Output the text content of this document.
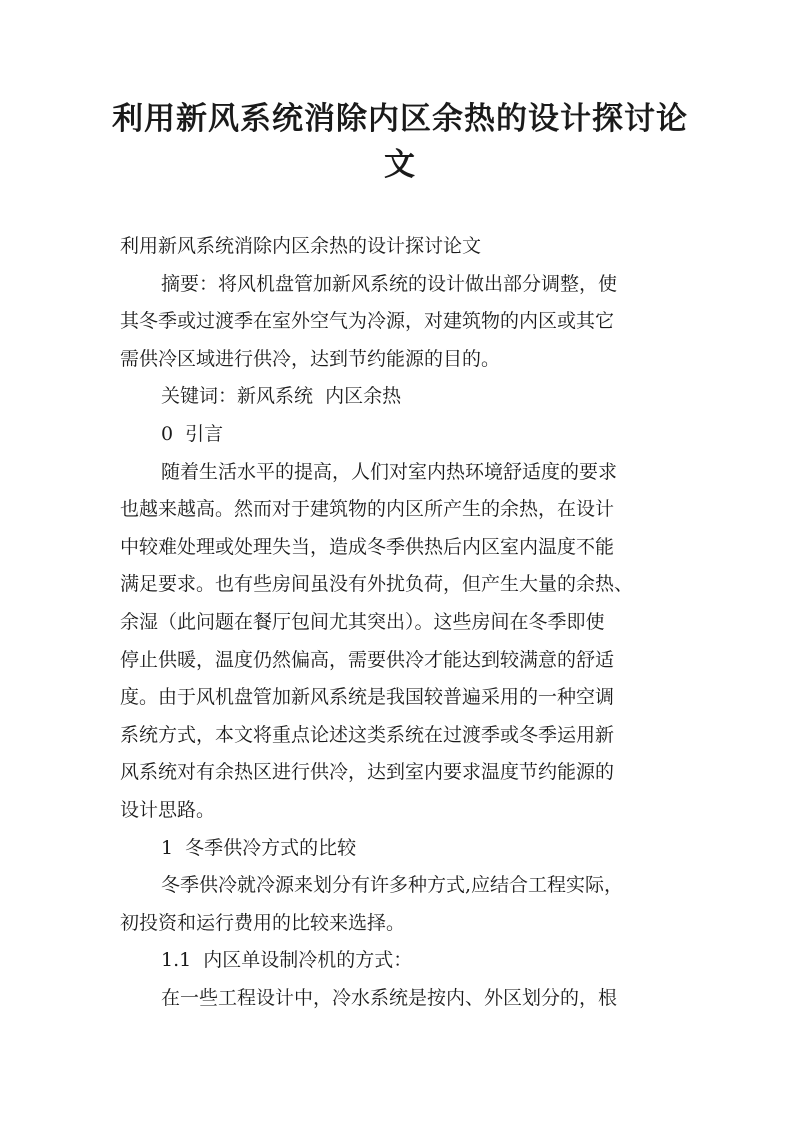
利用新风系统消除内区余热的设计探讨论
文

利用新风系统消除内区余热的设计探讨论文

摘要：将风机盘管加新风系统的设计做出部分调整，使
其冬季或过渡季在室外空气为冷源，对建筑物的内区或其它
需供冷区域进行供冷，达到节约能源的目的。

关键词：新风系统  内区余热

0  引言

随着生活水平的提高，人们对室内热环境舒适度的要求
也越来越高。然而对于建筑物的内区所产生的余热，在设计
中较难处理或处理失当，造成冬季供热后内区室内温度不能
满足要求。也有些房间虽没有外扰负荷，但产生大量的余热、
余湿（此问题在餐厅包间尤其突出）。这些房间在冬季即使
停止供暖，温度仍然偏高，需要供冷才能达到较满意的舒适
度。由于风机盘管加新风系统是我国较普遍采用的一种空调
系统方式，本文将重点论述这类系统在过渡季或冬季运用新
风系统对有余热区进行供冷，达到室内要求温度节约能源的
设计思路。

1  冬季供冷方式的比较

冬季供冷就冷源来划分有许多种方式,应结合工程实际，
初投资和运行费用的比较来选择。

1.1  内区单设制冷机的方式：

在一些工程设计中，冷水系统是按内、外区划分的，根
